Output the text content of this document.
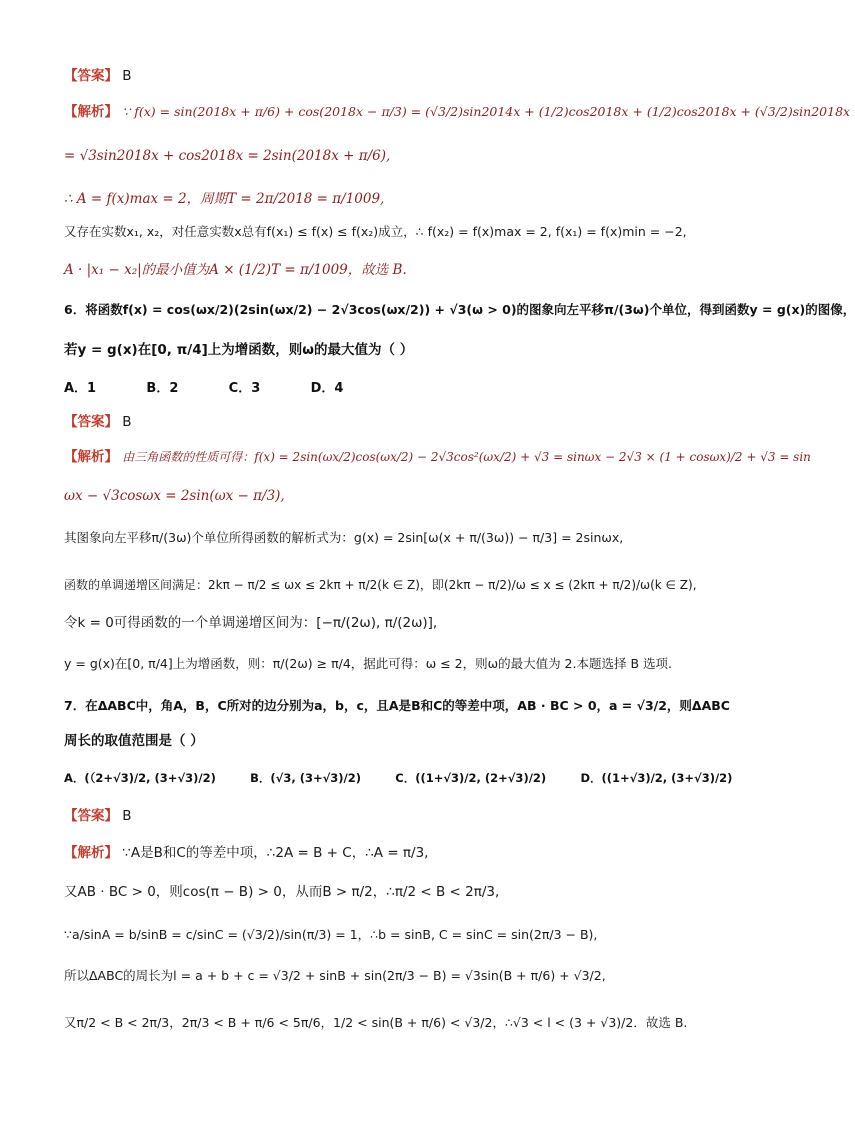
【答案】 B
【解析】 ∵ f(x) = sin(2018x + π/6) + cos(2018x − π/3) = (√3/2)sin2014x + (1/2)cos2018x + (1/2)cos2018x + (√3/2)sin2018x
= √3sin2018x + cos2018x = 2sin(2018x + π/6),
∴ A = f(x)max = 2，周期T = 2π/2018 = π/1009,
又存在实数x₁, x₂，对任意实数x总有f(x₁) ≤ f(x) ≤ f(x₂)成立，∴ f(x₂) = f(x)max = 2, f(x₁) = f(x)min = −2,
A · |x₁ − x₂|的最小值为A × (1/2)T = π/1009，故选 B.
6．将函数f(x) = cos(ωx/2)(2sin(ωx/2) − 2√3cos(ωx/2)) + √3(ω > 0)的图象向左平移π/(3ω)个单位，得到函数y = g(x)的图像，
若y = g(x)在[0, π/4]上为增函数，则ω的最大值为（ ）
A．1	B．2	C．3	D．4
【答案】 B
【解析】 由三角函数的性质可得：f(x) = 2sin(ωx/2)cos(ωx/2) − 2√3cos²(ωx/2) + √3 = sinωx − 2√3 × (1 + cosωx)/2 + √3 = sin
ωx − √3cosωx = 2sin(ωx − π/3),
其图象向左平移π/(3ω)个单位所得函数的解析式为：g(x) = 2sin[ω(x + π/(3ω)) − π/3] = 2sinωx,
函数的单调递增区间满足：2kπ − π/2 ≤ ωx ≤ 2kπ + π/2(k ∈ Z)，即(2kπ − π/2)/ω ≤ x ≤ (2kπ + π/2)/ω(k ∈ Z),
令k = 0可得函数的一个单调递增区间为：[−π/(2ω), π/(2ω)],
y = g(x)在[0, π/4]上为增函数，则：π/(2ω) ≥ π/4，据此可得：ω ≤ 2，则ω的最大值为 2.本题选择 B 选项.
7．在ΔABC中，角A，B，C所对的边分别为a，b，c，且A是B和C的等差中项，AB · BC > 0，a = √3/2，则ΔABC
周长的取值范围是（ ）
A．(（2+√3)/2, (3+√3)/2)	B．(√3, (3+√3)/2)	C．((1+√3)/2, (2+√3)/2)	D．((1+√3)/2, (3+√3)/2)
【答案】 B
【解析】 ∵A是B和C的等差中项，∴2A = B + C，∴A = π/3,
又AB · BC > 0，则cos(π − B) > 0，从而B > π/2，∴π/2 < B < 2π/3,
∵a/sinA = b/sinB = c/sinC = (√3/2)/sin(π/3) = 1，∴b = sinB, C = sinC = sin(2π/3 − B),
所以ΔABC的周长为l = a + b + c = √3/2 + sinB + sin(2π/3 − B) = √3sin(B + π/6) + √3/2,
又π/2 < B < 2π/3，2π/3 < B + π/6 < 5π/6，1/2 < sin(B + π/6) < √3/2，∴√3 < l < (3 + √3)/2．故选 B.
